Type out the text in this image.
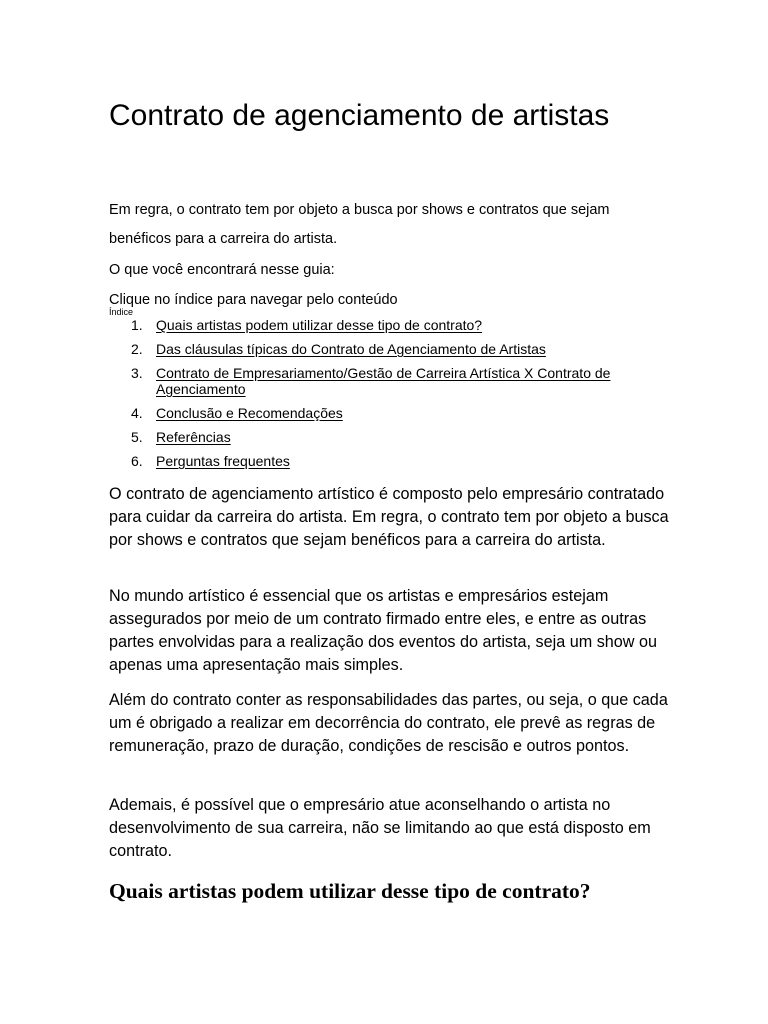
Contrato de agenciamento de artistas

Em regra, o contrato tem por objeto a busca por shows e contratos que sejam benéficos para a carreira do artista.

O que você encontrará nesse guia:

Clique no índice para navegar pelo conteúdo

Índice

1. Quais artistas podem utilizar desse tipo de contrato?
2. Das cláusulas típicas do Contrato de Agenciamento de Artistas
3. Contrato de Empresariamento/Gestão de Carreira Artística X Contrato de Agenciamento
4. Conclusão e Recomendações
5. Referências
6. Perguntas frequentes

O contrato de agenciamento artístico é composto pelo empresário contratado para cuidar da carreira do artista. Em regra, o contrato tem por objeto a busca por shows e contratos que sejam benéficos para a carreira do artista.

No mundo artístico é essencial que os artistas e empresários estejam assegurados por meio de um contrato firmado entre eles, e entre as outras partes envolvidas para a realização dos eventos do artista, seja um show ou apenas uma apresentação mais simples.

Além do contrato conter as responsabilidades das partes, ou seja, o que cada um é obrigado a realizar em decorrência do contrato, ele prevê as regras de remuneração, prazo de duração, condições de rescisão e outros pontos.

Ademais, é possível que o empresário atue aconselhando o artista no desenvolvimento de sua carreira, não se limitando ao que está disposto em contrato.

Quais artistas podem utilizar desse tipo de contrato?
